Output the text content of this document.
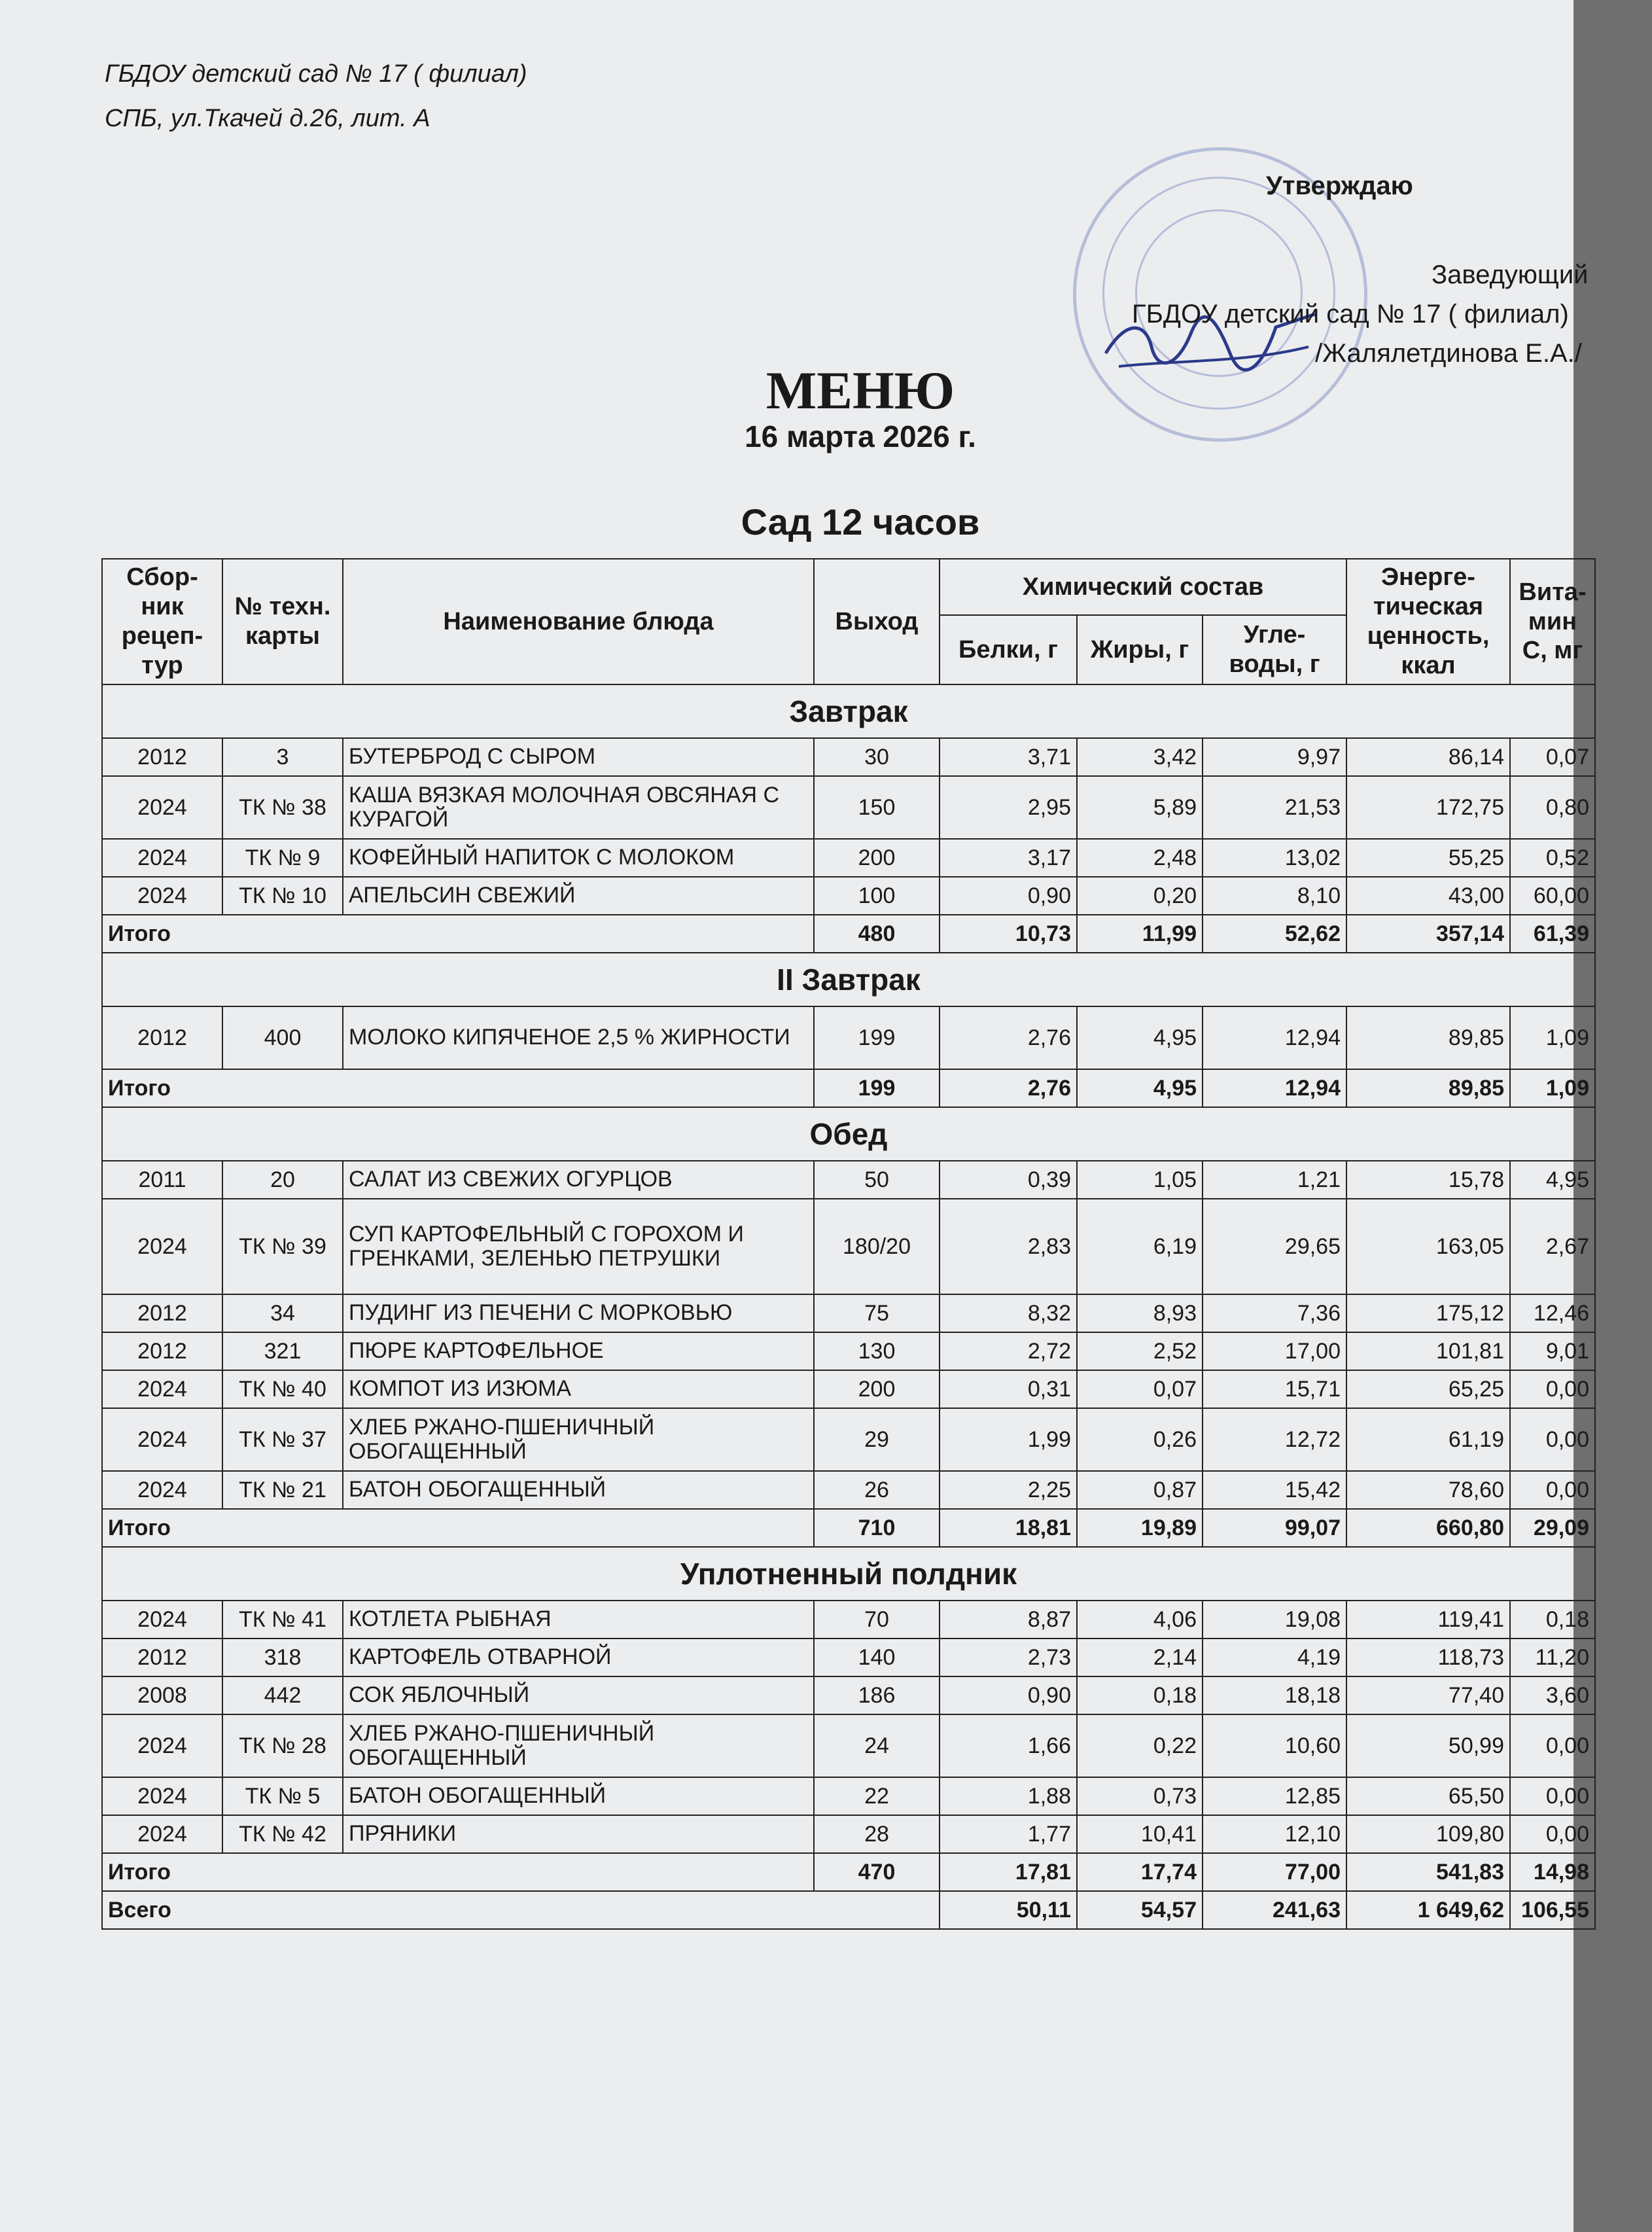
ГБДОУ детский сад № 17 ( филиал)
СПБ, ул.Ткачей д.26, лит. А
Утверждаю
Заведующий
ГБДОУ детский сад № 17 ( филиал)
/Жалялетдинова Е.А./
МЕНЮ
16 марта 2026 г.
Сад 12 часов
Сбор-ник рецеп-тур	№ техн. карты	Наименование блюда	Выход	Химический состав			Энерге-тическая ценность, ккал	Вита-мин С, мг
				Белки, г	Жиры, г	Угле-воды, г		
Завтрак								
2012	3	БУТЕРБРОД С СЫРОМ	30	3,71	3,42	9,97	86,14	0,07
2024	ТК № 38	КАША ВЯЗКАЯ МОЛОЧНАЯ ОВСЯНАЯ С КУРАГОЙ	150	2,95	5,89	21,53	172,75	0,80
2024	ТК № 9	КОФЕЙНЫЙ НАПИТОК С МОЛОКОМ	200	3,17	2,48	13,02	55,25	0,52
2024	ТК № 10	АПЕЛЬСИН СВЕЖИЙ	100	0,90	0,20	8,10	43,00	60,00
Итого			480	10,73	11,99	52,62	357,14	61,39
II Завтрак								
2012	400	МОЛОКО КИПЯЧЕНОЕ 2,5 % ЖИРНОСТИ	199	2,76	4,95	12,94	89,85	1,09
Итого			199	2,76	4,95	12,94	89,85	1,09
Обед								
2011	20	САЛАТ ИЗ СВЕЖИХ ОГУРЦОВ	50	0,39	1,05	1,21	15,78	4,95
2024	ТК № 39	СУП КАРТОФЕЛЬНЫЙ С ГОРОХОМ И ГРЕНКАМИ, ЗЕЛЕНЬЮ ПЕТРУШКИ	180/20	2,83	6,19	29,65	163,05	2,67
2012	34	ПУДИНГ ИЗ ПЕЧЕНИ С МОРКОВЬЮ	75	8,32	8,93	7,36	175,12	12,46
2012	321	ПЮРЕ КАРТОФЕЛЬНОЕ	130	2,72	2,52	17,00	101,81	9,01
2024	ТК № 40	КОМПОТ ИЗ ИЗЮМА	200	0,31	0,07	15,71	65,25	0,00
2024	ТК № 37	ХЛЕБ РЖАНО-ПШЕНИЧНЫЙ ОБОГАЩЕННЫЙ	29	1,99	0,26	12,72	61,19	0,00
2024	ТК № 21	БАТОН ОБОГАЩЕННЫЙ	26	2,25	0,87	15,42	78,60	0,00
Итого			710	18,81	19,89	99,07	660,80	29,09
Уплотненный полдник								
2024	ТК № 41	КОТЛЕТА РЫБНАЯ	70	8,87	4,06	19,08	119,41	0,18
2012	318	КАРТОФЕЛЬ ОТВАРНОЙ	140	2,73	2,14	4,19	118,73	11,20
2008	442	СОК ЯБЛОЧНЫЙ	186	0,90	0,18	18,18	77,40	3,60
2024	ТК № 28	ХЛЕБ РЖАНО-ПШЕНИЧНЫЙ ОБОГАЩЕННЫЙ	24	1,66	0,22	10,60	50,99	0,00
2024	ТК № 5	БАТОН ОБОГАЩЕННЫЙ	22	1,88	0,73	12,85	65,50	0,00
2024	ТК № 42	ПРЯНИКИ	28	1,77	10,41	12,10	109,80	0,00
Итого			470	17,81	17,74	77,00	541,83	14,98
Всего				50,11	54,57	241,63	1 649,62	106,55
